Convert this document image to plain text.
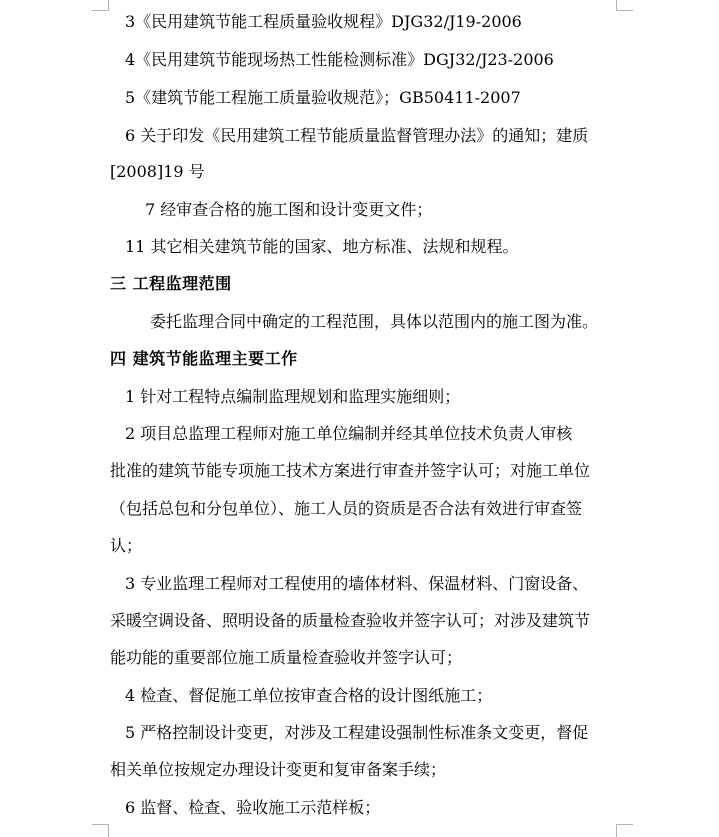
3《民用建筑节能工程质量验收规程》DJG32/J19-2006
4《民用建筑节能现场热工性能检测标准》DGJ32/J23-2006
5《建筑节能工程施工质量验收规范》；GB50411-2007
6 关于印发《民用建筑工程节能质量监督管理办法》的通知；建质
[2008]19 号
7 经审查合格的施工图和设计变更文件；
11 其它相关建筑节能的国家、地方标准、法规和规程。
三 工程监理范围
委托监理合同中确定的工程范围，具体以范围内的施工图为准。
四 建筑节能监理主要工作
1 针对工程特点编制监理规划和监理实施细则；
2 项目总监理工程师对施工单位编制并经其单位技术负责人审核
批准的建筑节能专项施工技术方案进行审查并签字认可；对施工单位
（包括总包和分包单位）、施工人员的资质是否合法有效进行审查签
认；
3 专业监理工程师对工程使用的墙体材料、保温材料、门窗设备、
采暖空调设备、照明设备的质量检查验收并签字认可；对涉及建筑节
能功能的重要部位施工质量检查验收并签字认可；
4 检查、督促施工单位按审查合格的设计图纸施工；
5 严格控制设计变更，对涉及工程建设强制性标准条文变更，督促
相关单位按规定办理设计变更和复审备案手续；
6 监督、检查、验收施工示范样板；
